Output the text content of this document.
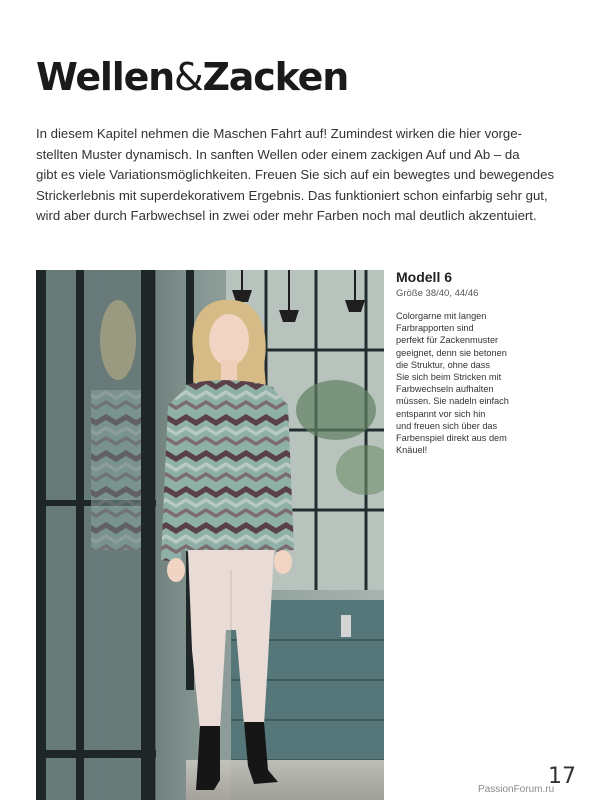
Wellen&Zacken

In diesem Kapitel nehmen die Maschen Fahrt auf! Zumindest wirken die hier vorge-

stellten Muster dynamisch. In sanften Wellen oder einem zackigen Auf und Ab – da

gibt es viele Variationsmöglichkeiten. Freuen Sie sich auf ein bewegtes und bewegendes

Strickerlebnis mit superdekorativem Ergebnis. Das funktioniert schon einfarbig sehr gut,

wird aber durch Farbwechsel in zwei oder mehr Farben noch mal deutlich akzentuiert.

Modell 6
Größe 38/40, 44/46
Colorgarne mit langen
Farbrapporten sind
perfekt für Zackenmuster
geeignet, denn sie betonen
die Struktur, ohne dass
Sie sich beim Stricken mit
Farbwechseln aufhalten
müssen. Sie nadeln einfach
entspannt vor sich hin
und freuen sich über das
Farbenspiel direkt aus dem
Knäuel!
17
PassionForum.ru
